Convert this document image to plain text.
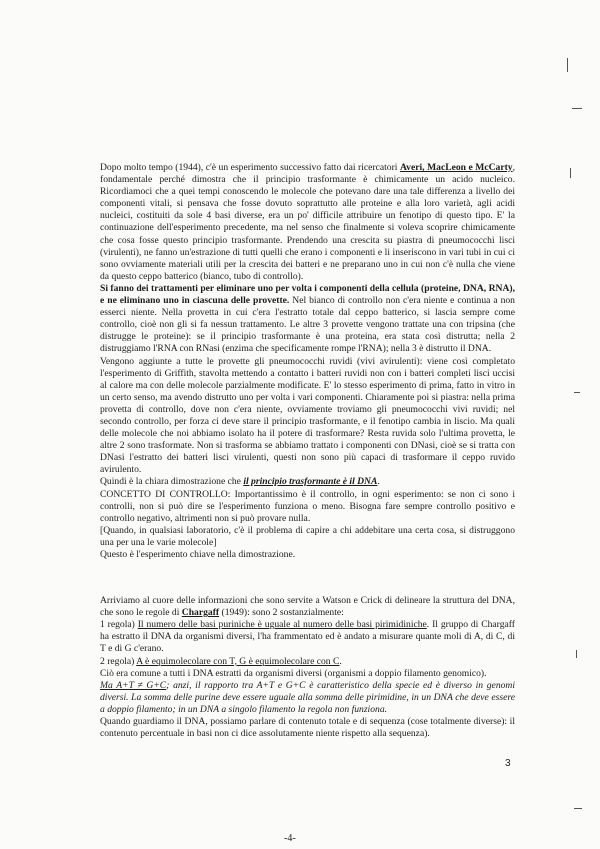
Dopo molto tempo (1944), c'è un esperimento successivo fatto dai ricercatori Averi, MacLeon e McCarty, fondamentale perché dimostra che il principio trasformante è chimicamente un acido nucleico. Ricordiamoci che a quei tempi conoscendo le molecole che potevano dare una tale differenza a livello dei componenti vitali, si pensava che fosse dovuto soprattutto alle proteine e alla loro varietà, agli acidi nucleici, costituiti da sole 4 basi diverse, era un po' difficile attribuire un fenotipo di questo tipo. E' la continuazione dell'esperimento precedente, ma nel senso che finalmente si voleva scoprire chimicamente che cosa fosse questo principio trasformante. Prendendo una crescita su piastra di pneumococchi lisci (virulenti), ne fanno un'estrazione di tutti quelli che erano i componenti e li inseriscono in vari tubi in cui ci sono ovviamente materiali utili per la crescita dei batteri e ne preparano uno in cui non c'è nulla che viene da questo ceppo batterico (bianco, tubo di controllo).

Si fanno dei trattamenti per eliminare uno per volta i componenti della cellula (proteine, DNA, RNA), e ne eliminano uno in ciascuna delle provette. Nel bianco di controllo non c'era niente e continua a non esserci niente. Nella provetta in cui c'era l'estratto totale dal ceppo batterico, si lascia sempre come controllo, cioè non gli si fa nessun trattamento. Le altre 3 provette vengono trattate una con tripsina (che distrugge le proteine): se il principio trasformante è una proteina, era stata così distrutta; nella 2 distruggiamo l'RNA con RNasi (enzima che specificamente rompe l'RNA); nella 3 è distrutto il DNA.

Vengono aggiunte a tutte le provette gli pneumococchi ruvidi (vivi avirulenti): viene così completato l'esperimento di Griffith, stavolta mettendo a contatto i batteri ruvidi non con i batteri completi lisci uccisi al calore ma con delle molecole parzialmente modificate. E' lo stesso esperimento di prima, fatto in vitro in un certo senso, ma avendo distrutto uno per volta i vari componenti. Chiaramente poi si piastra: nella prima provetta di controllo, dove non c'era niente, ovviamente troviamo gli pneumococchi vivi ruvidi; nel secondo controllo, per forza ci deve stare il principio trasformante, e il fenotipo cambia in liscio. Ma quali delle molecole che noi abbiamo isolato ha il potere di trasformare? Resta ruvida solo l'ultima provetta, le altre 2 sono trasformate. Non si trasforma se abbiamo trattato i componenti con DNasi, cioè se si tratta con DNasi l'estratto dei batteri lisci virulenti, questi non sono più capaci di trasformare il ceppo ruvido avirulento.

Quindi è la chiara dimostrazione che il principio trasformante è il DNA.

CONCETTO DI CONTROLLO: Importantissimo è il controllo, in ogni esperimento: se non ci sono i controlli, non si può dire se l'esperimento funziona o meno. Bisogna fare sempre controllo positivo e controllo negativo, altrimenti non si può provare nulla.

[Quando, in qualsiasi laboratorio, c'è il problema di capire a chi addebitare una certa cosa, si distruggono una per una le varie molecole]

Questo è l'esperimento chiave nella dimostrazione.

Arriviamo al cuore delle informazioni che sono servite a Watson e Crick di delineare la struttura del DNA, che sono le regole di Chargaff (1949): sono 2 sostanzialmente:

1 regola) Il numero delle basi puriniche è uguale al numero delle basi pirimidiniche. Il gruppo di Chargaff ha estratto il DNA da organismi diversi, l'ha frammentato ed è andato a misurare quante moli di A, di C, di T e di G c'erano.

2 regola) A è equimolecolare con T, G è equimolecolare con C.

Ciò era comune a tutti i DNA estratti da organismi diversi (organismi a doppio filamento genomico).

Ma A+T ≠ G+C; anzi, il rapporto tra A+T e G+C è caratteristico della specie ed è diverso in genomi diversi. La somma delle purine deve essere uguale alla somma delle pirimidine, in un DNA che deve essere a doppio filamento; in un DNA a singolo filamento la regola non funziona.

Quando guardiamo il DNA, possiamo parlare di contenuto totale e di sequenza (cose totalmente diverse): il contenuto percentuale in basi non ci dice assolutamente niente rispetto alla sequenza).

3
-4-
